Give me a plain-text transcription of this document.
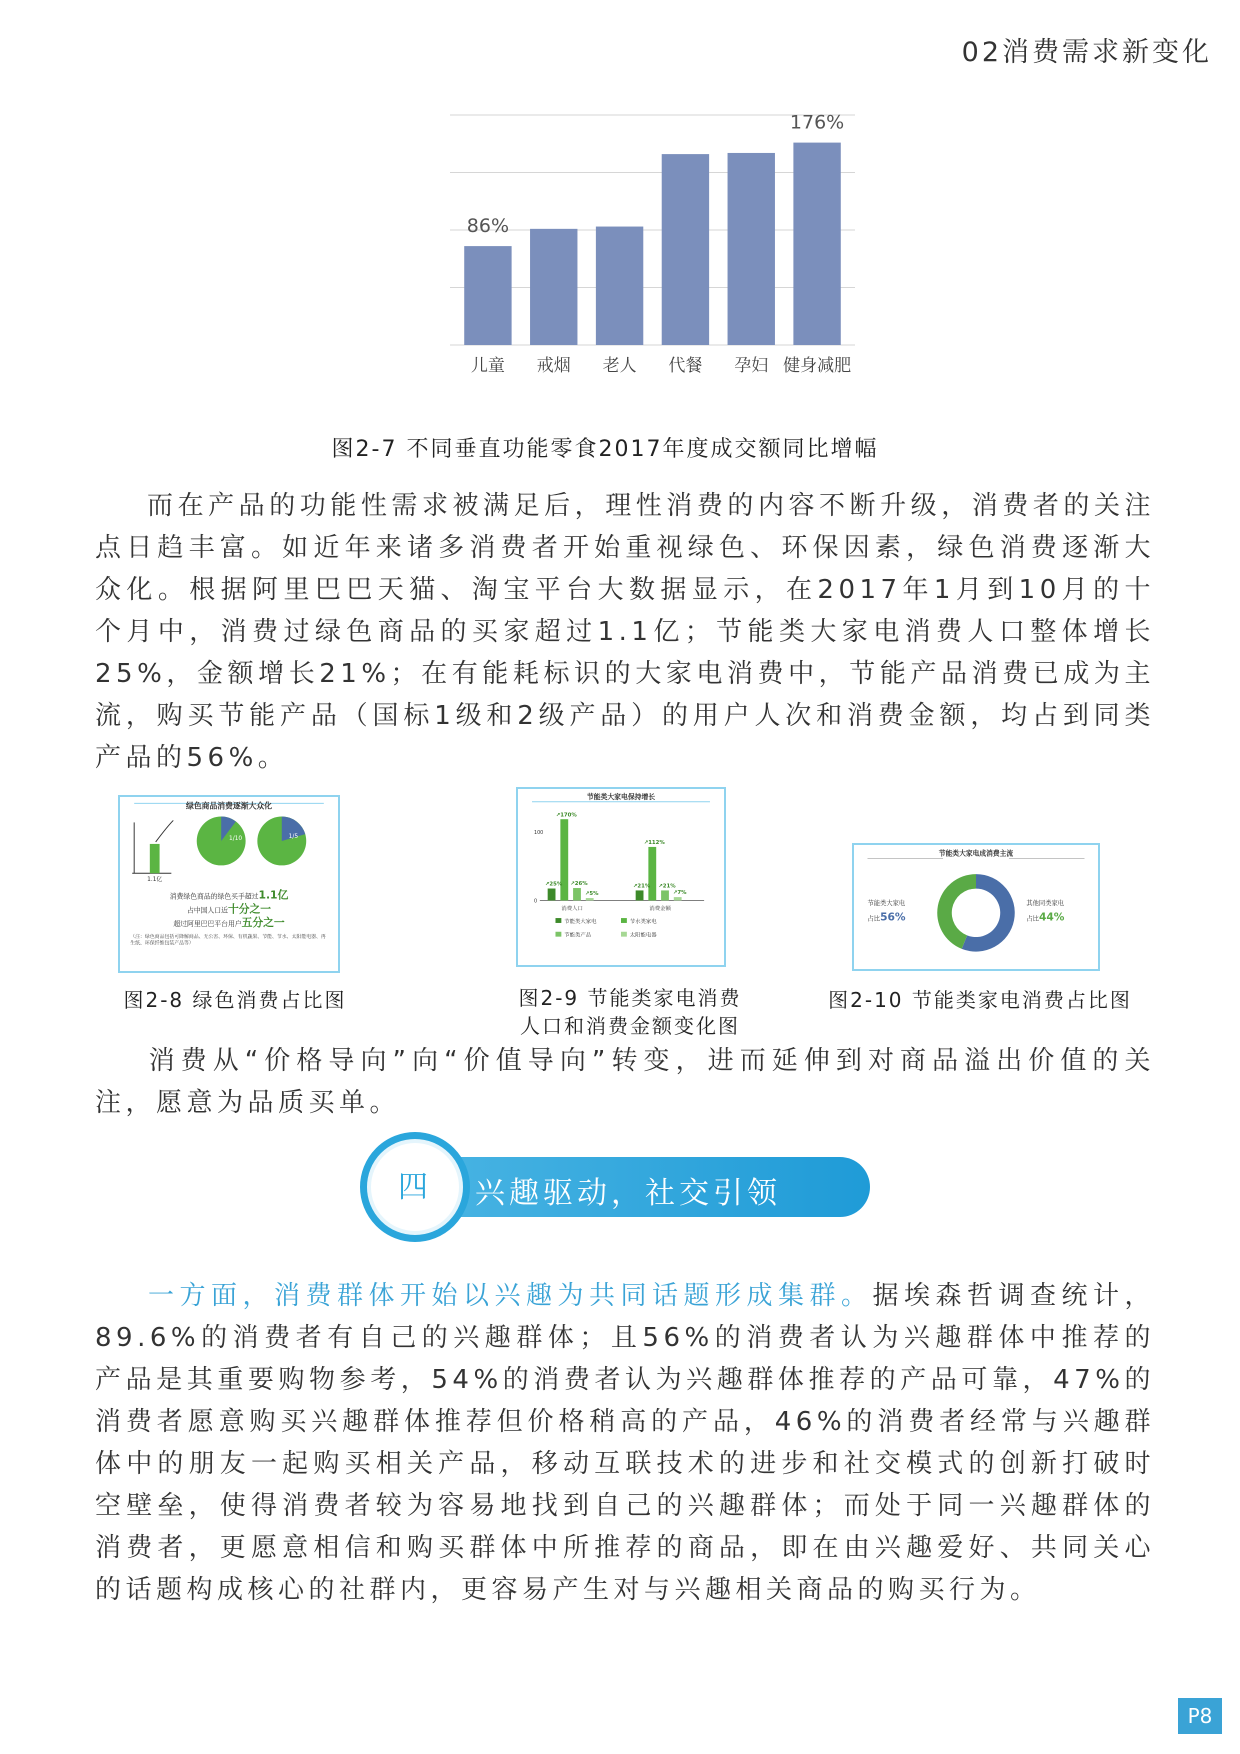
02消费需求新变化
86%
176%
儿童 戒烟 老人 代餐 孕妇 健身减肥
图2-7 不同垂直功能零食2017年度成交额同比增幅
而在产品的功能性需求被满足后，理性消费的内容不断升级，消费者的关注点日趋丰富。如近年来诸多消费者开始重视绿色、环保因素，绿色消费逐渐大众化。根据阿里巴巴天猫、淘宝平台大数据显示，在2017年1月到10月的十个月中，消费过绿色商品的买家超过1.1亿；节能类大家电消费人口整体增长25%，金额增长21%；在有能耗标识的大家电消费中，节能产品消费已成为主流，购买节能产品（国标1级和2级产品）的用户人次和消费金额，均占到同类产品的56%。
绿色商品消费逐渐大众化
1.1亿
1/10	1/5
消费绿色商品的绿色买手超过1.1亿
占中国人口近十分之一
超过阿里巴巴平台用户五分之一
（注：绿色商品包括可降解商品、无公害、环保、有机蔬果、节能、节水、太阳能电器、再生纸、环保纤维包装产品等）
图2-8 绿色消费占比图
节能类大家电保持增长
100
0
↗25%
↗170%
↗26%
↗5%
↗21%
↗112%
↗21%
↗7%
消费人口	消费金额
节能类大家电	节水类家电
节能类产品	太阳能电器
图2-9 节能类家电消费
人口和消费金额变化图
节能类大家电成消费主流
节能类大家电
占比56%
其他同类家电
占比44%
图2-10 节能类家电消费占比图
消费从“价格导向”向“价值导向”转变，进而延伸到对商品溢出价值的关注，愿意为品质买单。
四 兴趣驱动，社交引领
一方面，消费群体开始以兴趣为共同话题形成集群。据埃森哲调查统计，89.6%的消费者有自己的兴趣群体；且56%的消费者认为兴趣群体中推荐的产品是其重要购物参考，54%的消费者认为兴趣群体推荐的产品可靠，47%的消费者愿意购买兴趣群体推荐但价格稍高的产品，46%的消费者经常与兴趣群体中的朋友一起购买相关产品，移动互联技术的进步和社交模式的创新打破时空壁垒，使得消费者较为容易地找到自己的兴趣群体；而处于同一兴趣群体的消费者，更愿意相信和购买群体中所推荐的商品，即在由兴趣爱好、共同关心的话题构成核心的社群内，更容易产生对与兴趣相关商品的购买行为。
P8
